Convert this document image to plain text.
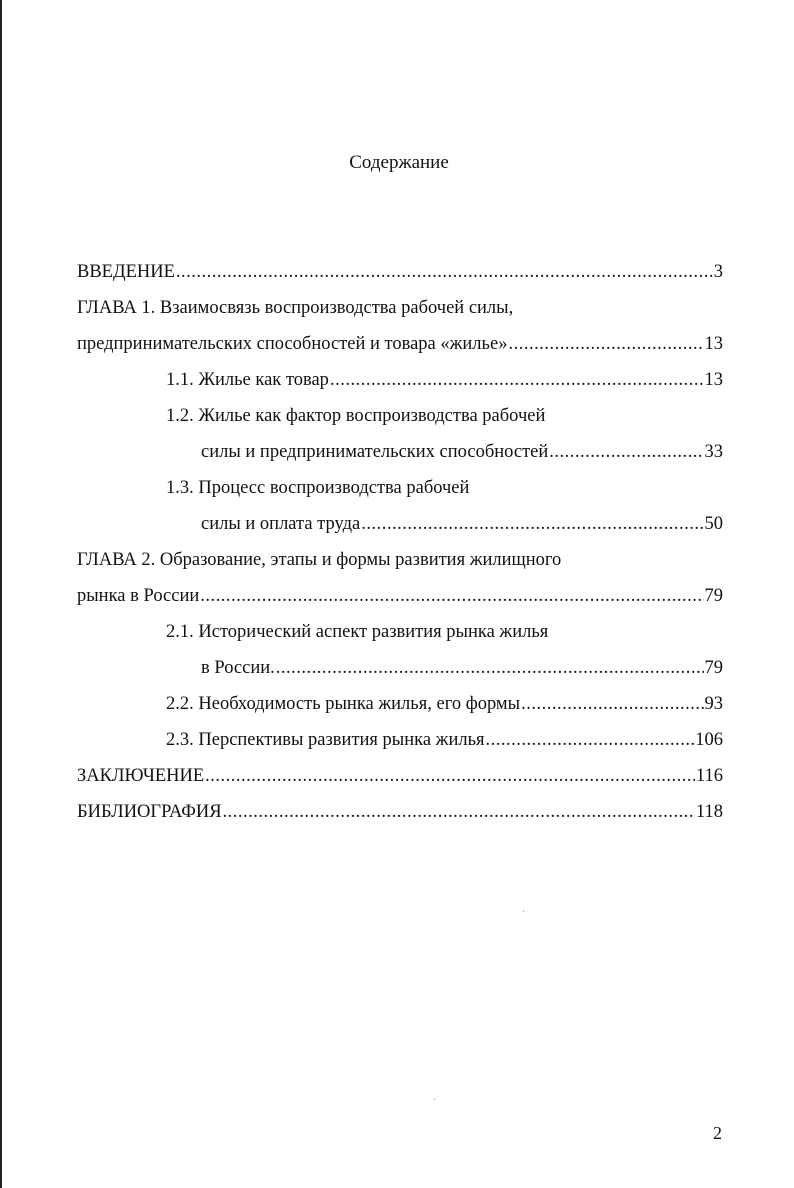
Содержание
ВВЕДЕНИЕ .....	3
ГЛАВА 1. Взаимосвязь воспроизводства рабочей силы,
предпринимательских способностей и товара «жилье» .....	13
1.1. Жилье как товар .....	13
1.2. Жилье как фактор воспроизводства рабочей
силы и предпринимательских способностей .....	33
1.3. Процесс воспроизводства рабочей
силы и оплата труда .....	50
ГЛАВА 2. Образование, этапы и формы развития жилищного
рынка в России .....	79
2.1. Исторический аспект развития рынка жилья
в России. .....	79
2.2. Необходимость рынка жилья, его формы .....	93
2.3. Перспективы развития рынка жилья .....	106
ЗАКЛЮЧЕНИЕ .....	116
БИБЛИОГРАФИЯ .....	118
2
